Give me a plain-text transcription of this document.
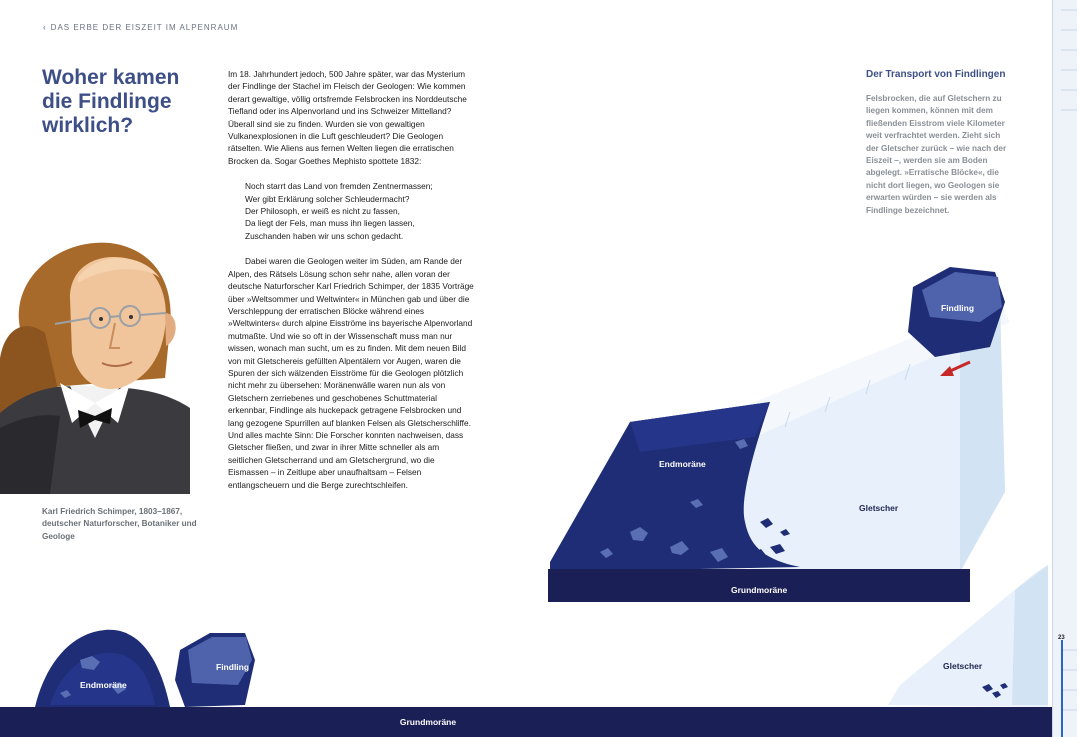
‹ DAS ERBE DER EISZEIT IM ALPENRAUM
Woher kamen die Findlinge wirklich?
Karl Friedrich Schimper, 1803–1867, deutscher Naturforscher, Botaniker und Geologe

Im 18. Jahrhundert jedoch, 500 Jahre später, war das Mysterium der Findlinge der Stachel im Fleisch der Geologen: Wie kommen derart gewaltige, völlig ortsfremde Felsbrocken ins Norddeutsche Tiefland oder ins Alpenvorland und ins Schweizer Mittelland? Überall sind sie zu finden. Wurden sie von gewaltigen Vulkanexplosionen in die Luft geschleudert? Die Geologen rätselten. Wie Aliens aus fernen Welten liegen die erratischen Brocken da. Sogar Goethes Mephisto spottete 1832:

Noch starrt das Land von fremden Zentnermassen;
Wer gibt Erklärung solcher Schleudermacht?
Der Philosoph, er weiß es nicht zu fassen,
Da liegt der Fels, man muss ihn liegen lassen,
Zuschanden haben wir uns schon gedacht.

Dabei waren die Geologen weiter im Süden, am Rande der Alpen, des Rätsels Lösung schon sehr nahe, allen voran der deutsche Naturforscher Karl Friedrich Schimper, der 1835 Vorträge über »Weltsommer und Weltwinter« in München gab und über die Verschleppung der erratischen Blöcke während eines »Weltwinters« durch alpine Eisströme ins bayerische Alpenvorland mutmaßte. Und wie so oft in der Wissenschaft muss man nur wissen, wonach man sucht, um es zu finden. Mit dem neuen Bild von mit Gletschereis gefüllten Alpentälern vor Augen, waren die Spuren der sich wälzenden Eisströme für die Geologen plötzlich nicht mehr zu übersehen: Moränenwälle waren nun als von Gletschern zerriebenes und geschobenes Schuttmaterial erkennbar, Findlinge als huckepack getragene Felsbrocken und lang gezogene Spurrillen auf blanken Felsen als Gletscherschliffe. Und alles machte Sinn: Die Forscher konnten nachweisen, dass Gletscher fließen, und zwar in ihrer Mitte schneller als am seitlichen Gletscherrand und am Gletschergrund, wo die Eismassen – in Zeitlupe aber unaufhaltsam – Felsen entlangscheuern und die Berge zurechtschleifen.

Der Transport von Findlingen
Felsbrocken, die auf Gletschern zu liegen kommen, können mit dem fließenden Eisstrom viele Kilometer weit verfrachtet werden. Zieht sich der Gletscher zurück – wie nach der Eiszeit –, werden sie am Boden abgelegt. »Erratische Blöcke«, die nicht dort liegen, wo Geologen sie erwarten würden – sie werden als Findlinge bezeichnet.
Findling
Endmoräne
Gletscher
Grundmoräne
Endmoräne
Findling	Gletscher
Grundmoräne
23
